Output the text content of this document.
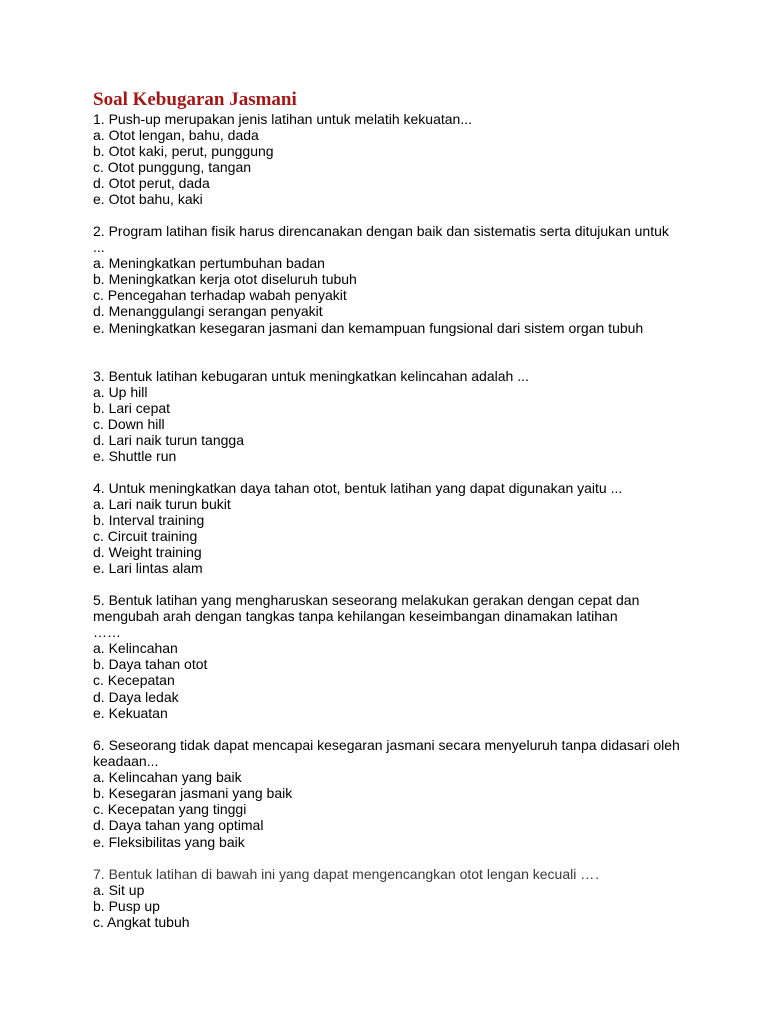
Soal Kebugaran Jasmani
1. Push-up merupakan jenis latihan untuk melatih kekuatan...
a. Otot lengan, bahu, dada
b. Otot kaki, perut, punggung
c. Otot punggung, tangan
d. Otot perut, dada
e. Otot bahu, kaki
2. Program latihan fisik harus direncanakan dengan baik dan sistematis serta ditujukan untuk ...
a. Meningkatkan pertumbuhan badan
b. Meningkatkan kerja otot diseluruh tubuh
c. Pencegahan terhadap wabah penyakit
d. Menanggulangi serangan penyakit
e. Meningkatkan kesegaran jasmani dan kemampuan fungsional dari sistem organ tubuh
3. Bentuk latihan kebugaran untuk meningkatkan kelincahan adalah ...
a. Up hill
b. Lari cepat
c. Down hill
d. Lari naik turun tangga
e. Shuttle run
4. Untuk meningkatkan daya tahan otot, bentuk latihan yang dapat digunakan yaitu ...
a. Lari naik turun bukit
b. Interval training
c. Circuit training
d. Weight training
e. Lari lintas alam
5. Bentuk latihan yang mengharuskan seseorang melakukan gerakan dengan cepat dan mengubah arah dengan tangkas tanpa kehilangan keseimbangan dinamakan latihan
……
a. Kelincahan
b. Daya tahan otot
c. Kecepatan
d. Daya ledak
e. Kekuatan
6. Seseorang tidak dapat mencapai kesegaran jasmani secara menyeluruh tanpa didasari oleh keadaan...
a. Kelincahan yang baik
b. Kesegaran jasmani yang baik
c. Kecepatan yang tinggi
d. Daya tahan yang optimal
e. Fleksibilitas yang baik
7. Bentuk latihan di bawah ini yang dapat mengencangkan otot lengan kecuali ….
a. Sit up
b. Pusp up
c. Angkat tubuh
